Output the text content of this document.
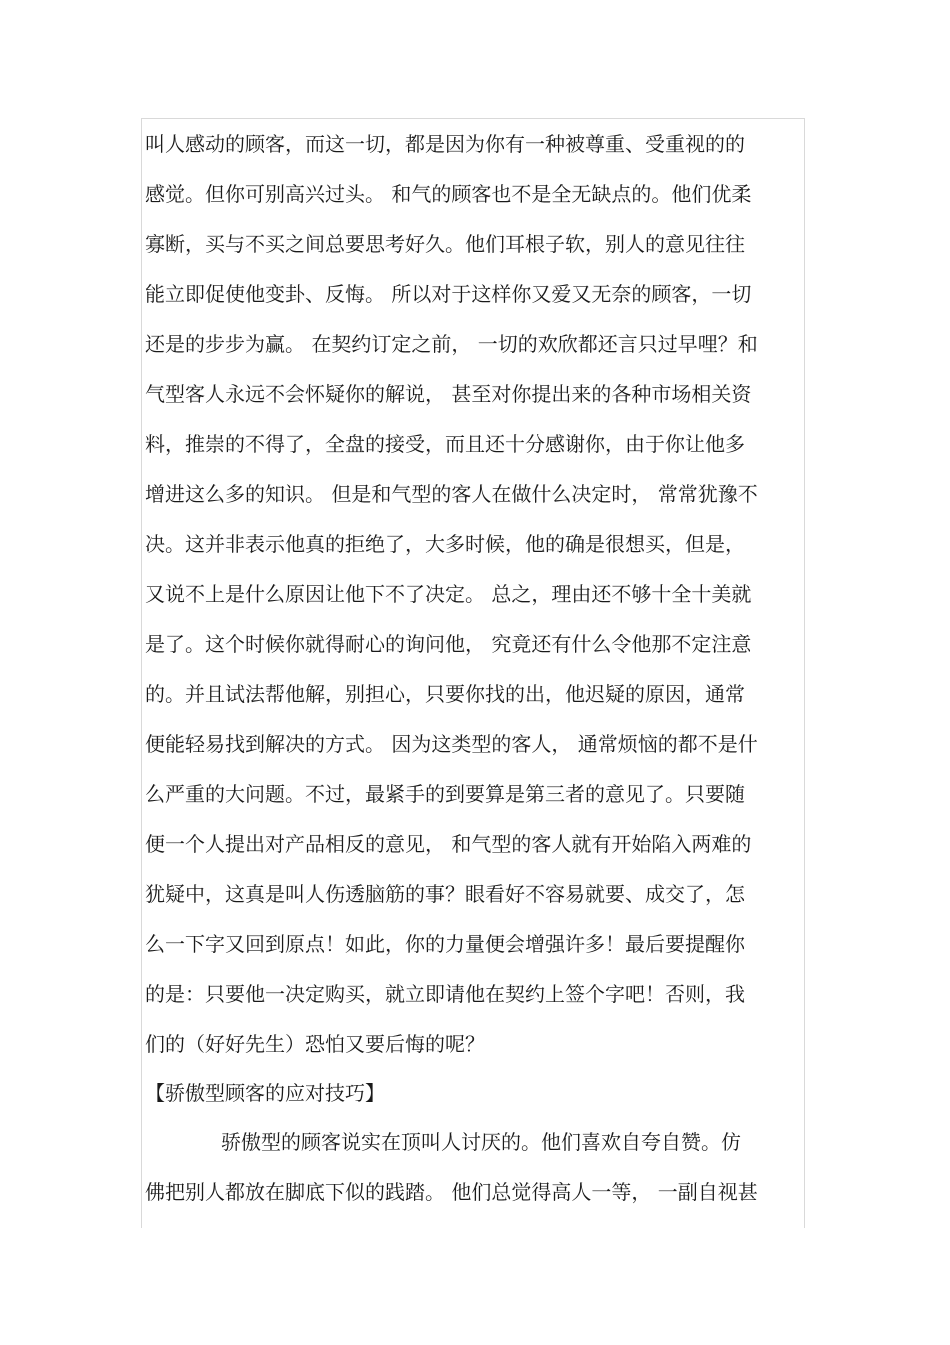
叫人感动的顾客，而这一切，都是因为你有一种被尊重、受重视的的
感觉。但你可别高兴过头。 和气的顾客也不是全无缺点的。他们优柔
寡断，买与不买之间总要思考好久。他们耳根子软，别人的意见往往
能立即促使他变卦、反悔。 所以对于这样你又爱又无奈的顾客，一切
还是的步步为赢。 在契约订定之前， 一切的欢欣都还言只过早哩？和
气型客人永远不会怀疑你的解说， 甚至对你提出来的各种市场相关资
料，推崇的不得了，全盘的接受，而且还十分感谢你，由于你让他多
增进这么多的知识。 但是和气型的客人在做什么决定时， 常常犹豫不
决。这并非表示他真的拒绝了，大多时候，他的确是很想买，但是，
又说不上是什么原因让他下不了决定。 总之，理由还不够十全十美就
是了。这个时候你就得耐心的询问他， 究竟还有什么令他那不定注意
的。并且试法帮他解，别担心，只要你找的出，他迟疑的原因，通常
便能轻易找到解决的方式。 因为这类型的客人， 通常烦恼的都不是什
么严重的大问题。不过，最紧手的到要算是第三者的意见了。只要随
便一个人提出对产品相反的意见， 和气型的客人就有开始陷入两难的
犹疑中，这真是叫人伤透脑筋的事？眼看好不容易就要、成交了，怎
么一下字又回到原点！如此，你的力量便会增强许多！最后要提醒你
的是：只要他一决定购买，就立即请他在契约上签个字吧！否则，我
们的（好好先生）恐怕又要后悔的呢？
【骄傲型顾客的应对技巧】
骄傲型的顾客说实在顶叫人讨厌的。他们喜欢自夸自赞。仿
佛把别人都放在脚底下似的践踏。 他们总觉得高人一等， 一副自视甚
